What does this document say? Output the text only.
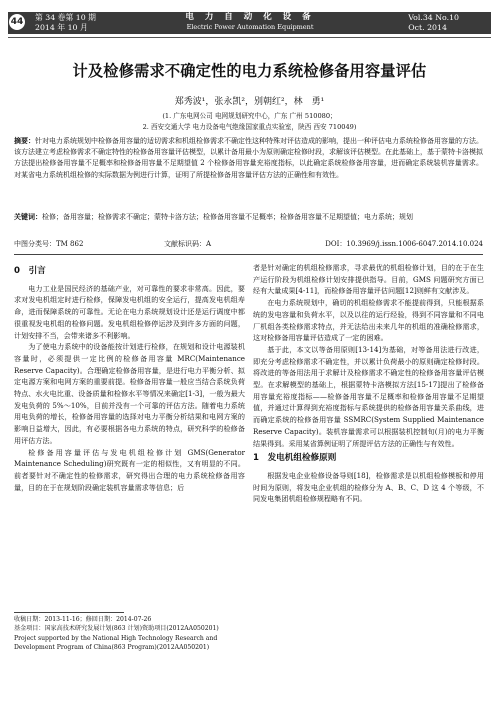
44 第 34 卷第 10 期
2014 年 10 月
电 力 自 动 化 设 备
Electric Power Automation Equipment
Vol.34 No.10
Oct. 2014
计及检修需求不确定性的电力系统检修备用容量评估
郑秀波¹，张永凯²，别朝红²，林　勇¹
(1. 广东电网公司 电网规划研究中心，广东 广州 510080；
2. 西安交通大学 电力设备电气绝缘国家重点实验室，陕西 西安 710049)
摘要：针对电力系统规划中检修备用容量的适切需求和机组检修需求不确定性这种特殊对评估造成的影响，提出一种评估电力系统检修备用容量的方法。该方法建立考虑检修需求不确定特性的检修备用容量评估模型，以累计备用最小为原则确定检修时段，求解该评估模型。在此基础上，基于蒙特卡洛模拟方法提出检修备用容量不足概率和检修备用容量不足期望值 2 个检修备用容量充裕度指标，以此确定系统检修备用容量，进而确定系统装机容量需求。对某省电力系统机组检修的实际数据为例进行计算，证明了所提检修备用容量评估方法的正确性和有效性。
关键词：检修；备用容量；检修需求不确定；蒙特卡洛方法；检修备用容量不足概率；检修备用容量不足期望值；电力系统；规划
中图分类号：TM 862	文献标识码：A	DOI：10.3969/j.issn.1006-6047.2014.10.024
0　引言

电力工业是国民经济的基础产业，对可靠性的要求非常高。因此，要求对发电机组定时进行检修，保障发电机组的安全运行，提高发电机组寿命，进而保障系统的可靠性。无论在电力系统规划设计还是运行调度中都很重视发电机组的检修问题。发电机组检修停运涉及到许多方面的问题，计划安排不当，会带来诸多不利影响。

为了使电力系统中的设备能按计划进行检修，在规划和设计电源装机容量时，必须提供一定比例的检修备用容量 MRC(Maintenance Reserve Capacity)。合理确定检修备用容量，是进行电力平衡分析、拟定电源方案和电网方案的重要前提。检修备用容量一般应当结合系统负荷特点、水火电比重、设备质量和检修水平等情况来确定[1-3]，一般为最大发电负荷的 5%～10%，目前并没有一个可靠的评估方法。随着电力系统用电负荷的增长，检修备用容量的选择对电力平衡分析结果和电网方案的影响日益增大，因此，有必要根据各电力系统的特点，研究科学的检修备用评估方法。

检修备用容量评估与发电机组检修计划 GMS(Generator Maintenance Scheduling)研究既有一定的相似性，又有明显的不同。前者要针对不确定性的检修需求，研究得出合理的电力系统检修备用容量，目的在于在规划阶段确定装机容量需求等信息；后

收稿日期：2013-11-16；修回日期：2014-07-26
基金项目：国家高技术研究发展计划(863 计划)资助项目(2012AA050201)
Project supported by the National High Technology Research and Development Program of China(863 Program)(2012AA050201)

者是针对确定的机组检修需求，寻求最优的机组检修计划，目的在于在生产运行阶段为机组检修计划安排提供指导。目前，GMS 问题研究方面已经有大量成果[4-11]，而检修备用容量评估问题[12]则鲜有文献涉及。

在电力系统规划中，确切的机组检修需求不能提前得到，只能根据系统的发电容量和负荷水平，以及以往的运行经验，得到不同容量和不同电厂机组各类检修需求特点，并无法给出未来几年的机组的准确检修需求，这对检修备用容量评估造成了一定的困难。

基于此，本文以等备用原则[13-14]为基础，对等备用法进行改进，即充分考虑检修需求不确定性，并以累计负荷最小的原则确定检修时段。将改进的等备用法用于求解计及检修需求不确定性的检修备用容量评估模型。在求解模型的基础上，根据蒙特卡洛模拟方法[15-17]提出了检修备用容量充裕度指标——检修备用容量不足概率和检修备用容量不足期望值，并通过计算得到充裕度指标与系统提供的检修备用容量关系曲线，进而确定系统的检修备用容量 SSMRC(System Supplied Maintenance Reserve Capacity)。装机容量需求可以根据装机控制旬(月)的电力平衡结果得到。采用某省算例证明了所提评估方法的正确性与有效性。

1　发电机组检修原则

根据发电企业检修设备导则[18]，检修需求是以机组检修模板和停用时间为原则，将发电企业机组的检修分为 A、B、C、D 这 4 个等级，不同发电集团机组检修规程略有不同。
